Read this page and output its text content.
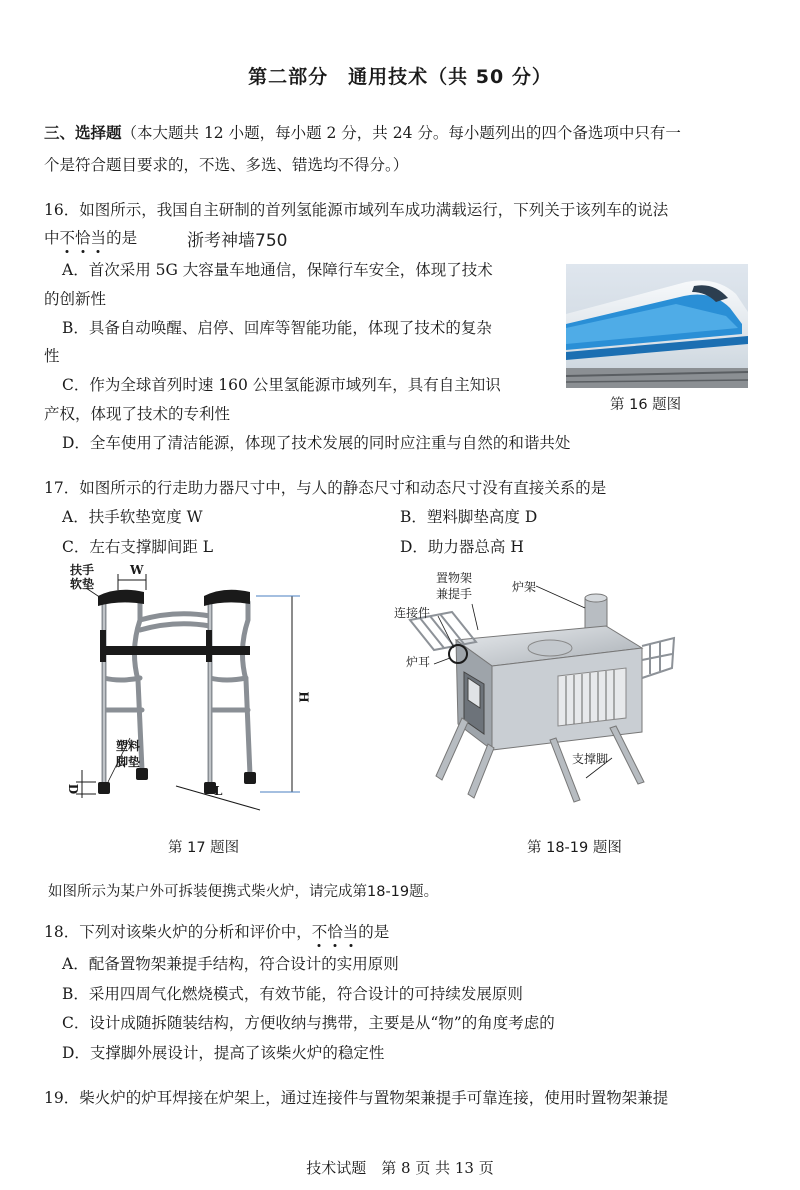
第二部分　通用技术（共 50 分）
三、选择题（本大题共 12 小题，每小题 2 分，共 24 分。每小题列出的四个备选项中只有一
个是符合题目要求的，不选、多选、错选均不得分。）
16．如图所示，我国自主研制的首列氢能源市域列车成功满载运行，下列关于该列车的说法
中不恰当的是	浙考神墙750
A．首次采用 5G 大容量车地通信，保障行车安全，体现了技术
的创新性
B．具备自动唤醒、启停、回库等智能功能，体现了技术的复杂
性
C．作为全球首列时速 160 公里氢能源市域列车，具有自主知识
产权，体现了技术的专利性
D．全车使用了清洁能源，体现了技术发展的同时应注重与自然的和谐共处
第 16 题图
17．如图所示的行走助力器尺寸中，与人的静态尺寸和动态尺寸没有直接关系的是
A．扶手软垫宽度 W	B．塑料脚垫高度 D
C．左右支撑脚间距 L	D．助力器总高 H
扶手
软垫
W
塑料
脚垫
H
L
D
第 17 题图
置物架
兼提手	炉架
连接件
炉耳
支撑脚
第 18-19 题图
如图所示为某户外可拆装便携式柴火炉，请完成第18-19题。
18．下列对该柴火炉的分析和评价中，不恰当的是
A．配备置物架兼提手结构，符合设计的实用原则
B．采用四周气化燃烧模式，有效节能，符合设计的可持续发展原则
C．设计成随拆随装结构，方便收纳与携带，主要是从“物”的角度考虑的
D．支撑脚外展设计，提高了该柴火炉的稳定性
19．柴火炉的炉耳焊接在炉架上，通过连接件与置物架兼提手可靠连接，使用时置物架兼提
技术试题　第 8 页 共 13 页
